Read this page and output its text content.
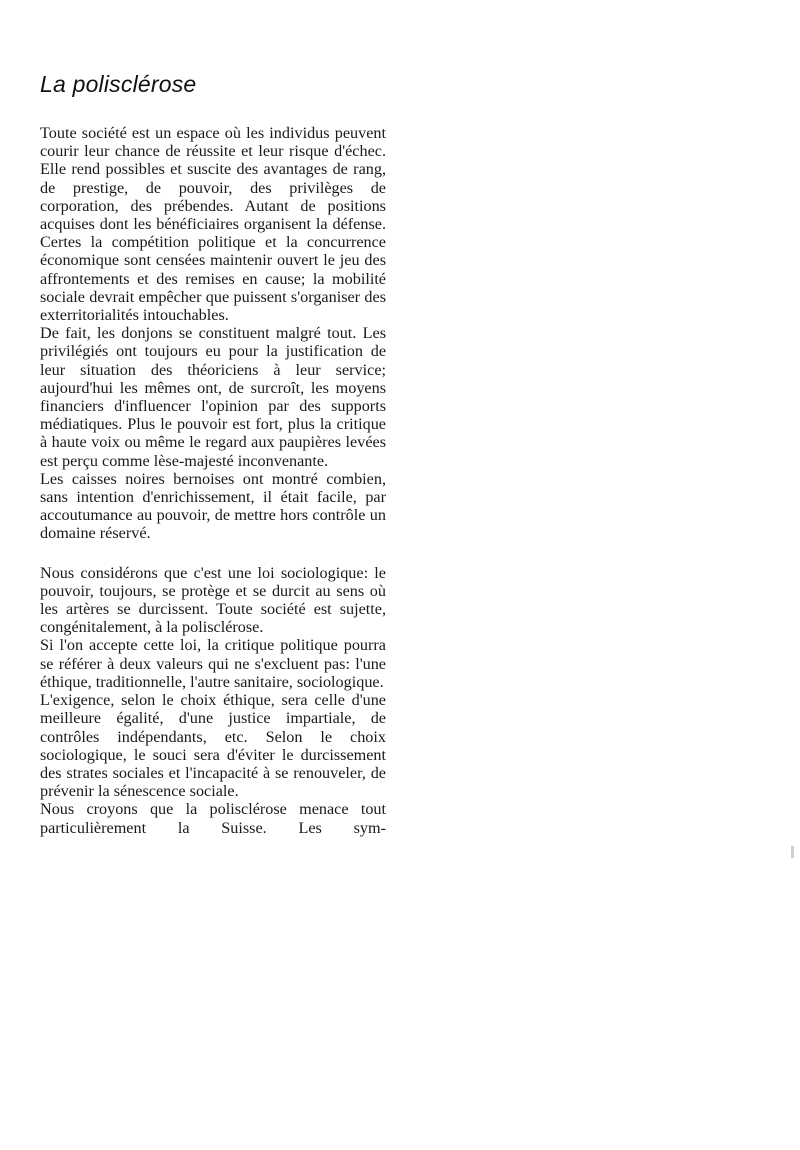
La polisclérose

Toute société est un espace où les individus peuvent courir leur chance de réussite et leur risque d'échec. Elle rend possibles et suscite des avantages de rang, de prestige, de pouvoir, des privilèges de corporation, des prébendes. Autant de positions acquises dont les bénéficiaires organisent la défense. Certes la compétition politique et la concurrence économique sont censées maintenir ouvert le jeu des affrontements et des remises en cause; la mobilité sociale devrait empêcher que puissent s'organiser des exterritorialités intouchables.

De fait, les donjons se constituent malgré tout. Les privilégiés ont toujours eu pour la justification de leur situation des théoriciens à leur service; aujourd'hui les mêmes ont, de surcroît, les moyens financiers d'influencer l'opinion par des supports médiatiques. Plus le pouvoir est fort, plus la critique à haute voix ou même le regard aux paupières levées est perçu comme lèse-majesté inconvenante.

Les caisses noires bernoises ont montré combien, sans intention d'enrichissement, il était facile, par accoutumance au pouvoir, de mettre hors contrôle un domaine réservé.

Nous considérons que c'est une loi sociologique: le pouvoir, toujours, se protège et se durcit au sens où les artères se durcissent. Toute société est sujette, congénitalement, à la polisclérose.

Si l'on accepte cette loi, la critique politique pourra se référer à deux valeurs qui ne s'excluent pas: l'une éthique, traditionnelle, l'autre sanitaire, sociologique.

L'exigence, selon le choix éthique, sera celle d'une meilleure égalité, d'une justice impartiale, de contrôles indépendants, etc. Selon le choix sociologique, le souci sera d'éviter le durcissement des strates sociales et l'incapacité à se renouveler, de prévenir la sénescence sociale.

Nous croyons que la polisclérose menace tout particulièrement la Suisse. Les sym-
